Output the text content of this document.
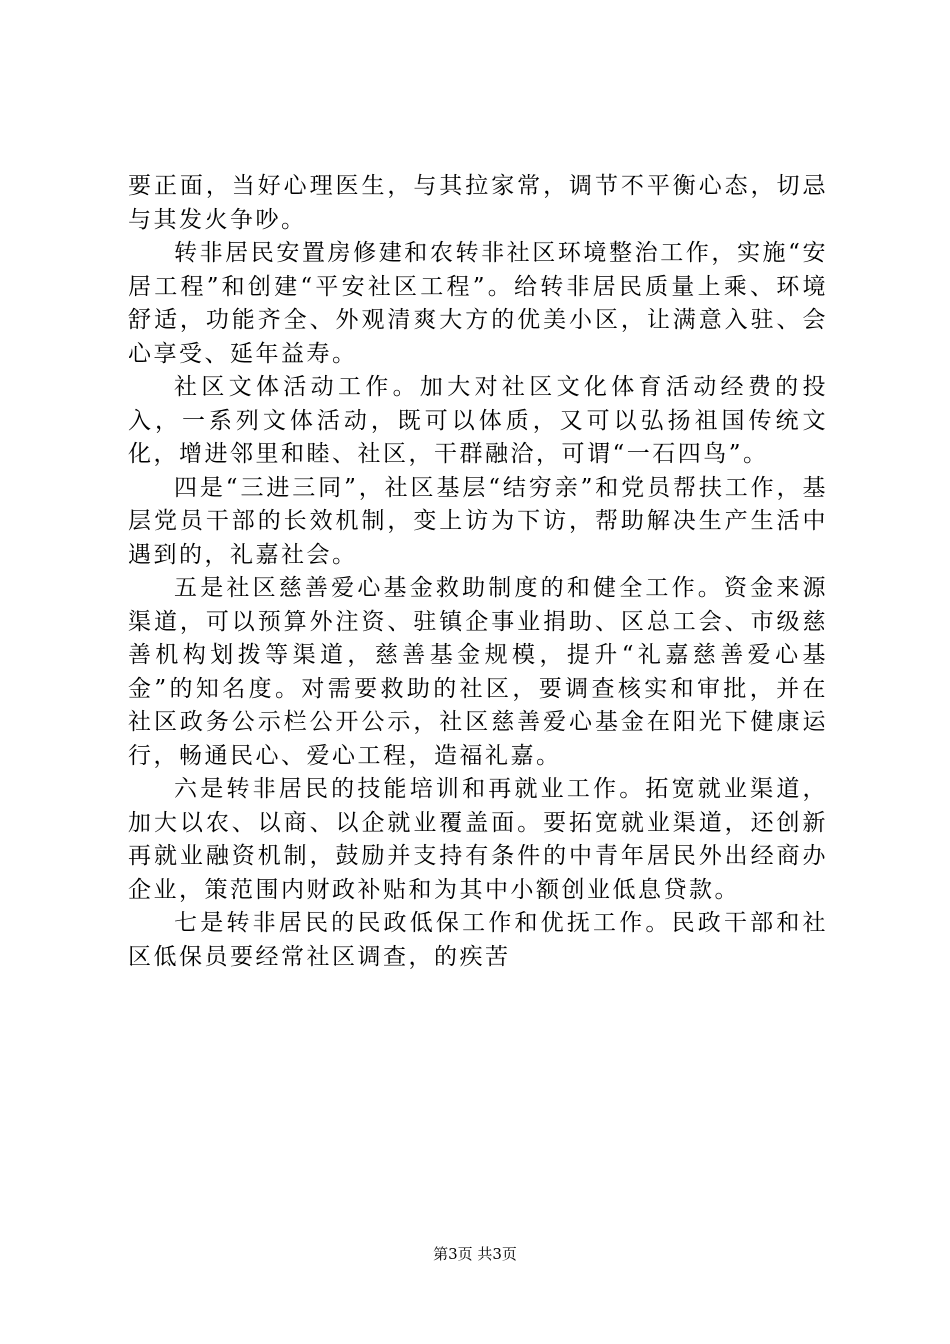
要正面，当好心理医生，与其拉家常，调节不平衡心态，切忌与其发火争吵。

转非居民安置房修建和农转非社区环境整治工作，实施“安居工程”和创建“平安社区工程”。给转非居民质量上乘、环境舒适，功能齐全、外观清爽大方的优美小区，让满意入驻、会心享受、延年益寿。

社区文体活动工作。加大对社区文化体育活动经费的投入，一系列文体活动，既可以体质，又可以弘扬祖国传统文化，增进邻里和睦、社区，干群融洽，可谓“一石四鸟”。

四是“三进三同”，社区基层“结穷亲”和党员帮扶工作，基层党员干部的长效机制，变上访为下访，帮助解决生产生活中遇到的，礼嘉社会。

五是社区慈善爱心基金救助制度的和健全工作。资金来源渠道，可以预算外注资、驻镇企事业捐助、区总工会、市级慈善机构划拨等渠道，慈善基金规模，提升“礼嘉慈善爱心基金”的知名度。对需要救助的社区，要调查核实和审批，并在社区政务公示栏公开公示，社区慈善爱心基金在阳光下健康运行，畅通民心、爱心工程，造福礼嘉。

六是转非居民的技能培训和再就业工作。拓宽就业渠道，加大以农、以商、以企就业覆盖面。要拓宽就业渠道，还创新再就业融资机制，鼓励并支持有条件的中青年居民外出经商办企业，策范围内财政补贴和为其中小额创业低息贷款。

七是转非居民的民政低保工作和优抚工作。民政干部和社区低保员要经常社区调查，的疾苦

第3页 共3页
